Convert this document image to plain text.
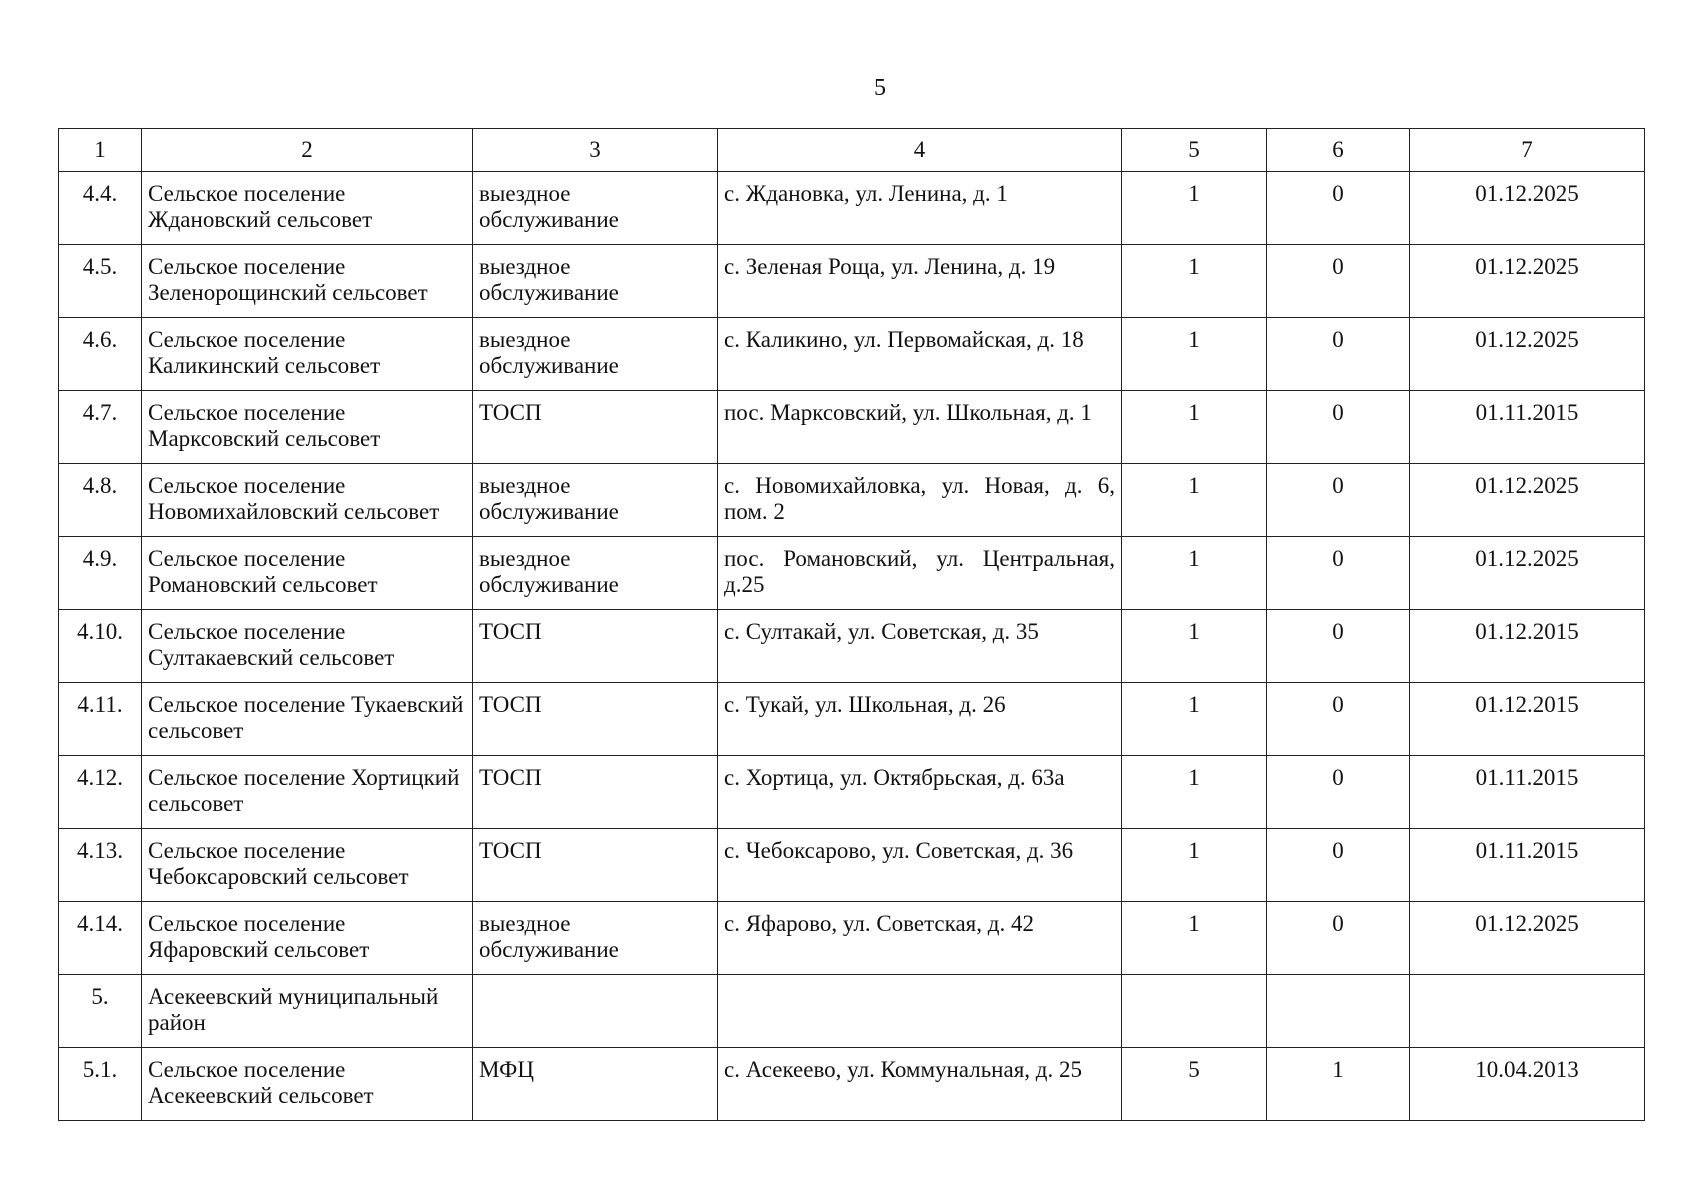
5
1	2	3	4	5	6	7
4.4.	Сельское поселение Ждановский сельсовет	выездное обслуживание	с. Ждановка, ул. Ленина, д. 1	1	0	01.12.2025
4.5.	Сельское поселение Зеленорощинский сельсовет	выездное обслуживание	с. Зеленая Роща, ул. Ленина, д. 19	1	0	01.12.2025
4.6.	Сельское поселение Каликинский сельсовет	выездное обслуживание	с. Каликино, ул. Первомайская, д. 18	1	0	01.12.2025
4.7.	Сельское поселение Марксовский сельсовет	ТОСП	пос. Марксовский, ул. Школьная, д. 1	1	0	01.11.2015
4.8.	Сельское поселение Новомихайловский сельсовет	выездное обслуживание	с. Новомихайловка, ул. Новая, д. 6, пом. 2	1	0	01.12.2025
4.9.	Сельское поселение Романовский сельсовет	выездное обслуживание	пос. Романовский, ул. Центральная, д.25	1	0	01.12.2025
4.10.	Сельское поселение Султакаевский сельсовет	ТОСП	с. Султакай, ул. Советская, д. 35	1	0	01.12.2015
4.11.	Сельское поселение Тукаевский сельсовет	ТОСП	с. Тукай, ул. Школьная, д. 26	1	0	01.12.2015
4.12.	Сельское поселение Хортицкий сельсовет	ТОСП	с. Хортица, ул. Октябрьская, д. 63а	1	0	01.11.2015
4.13.	Сельское поселение Чебоксаровский сельсовет	ТОСП	с. Чебоксарово, ул. Советская, д. 36	1	0	01.11.2015
4.14.	Сельское поселение Яфаровский сельсовет	выездное обслуживание	с. Яфарово, ул. Советская, д. 42	1	0	01.12.2025
5.	Асекеевский муниципальный район					
5.1.	Сельское поселение Асекеевский сельсовет	МФЦ	с. Асекеево, ул. Коммунальная, д. 25	5	1	10.04.2013
